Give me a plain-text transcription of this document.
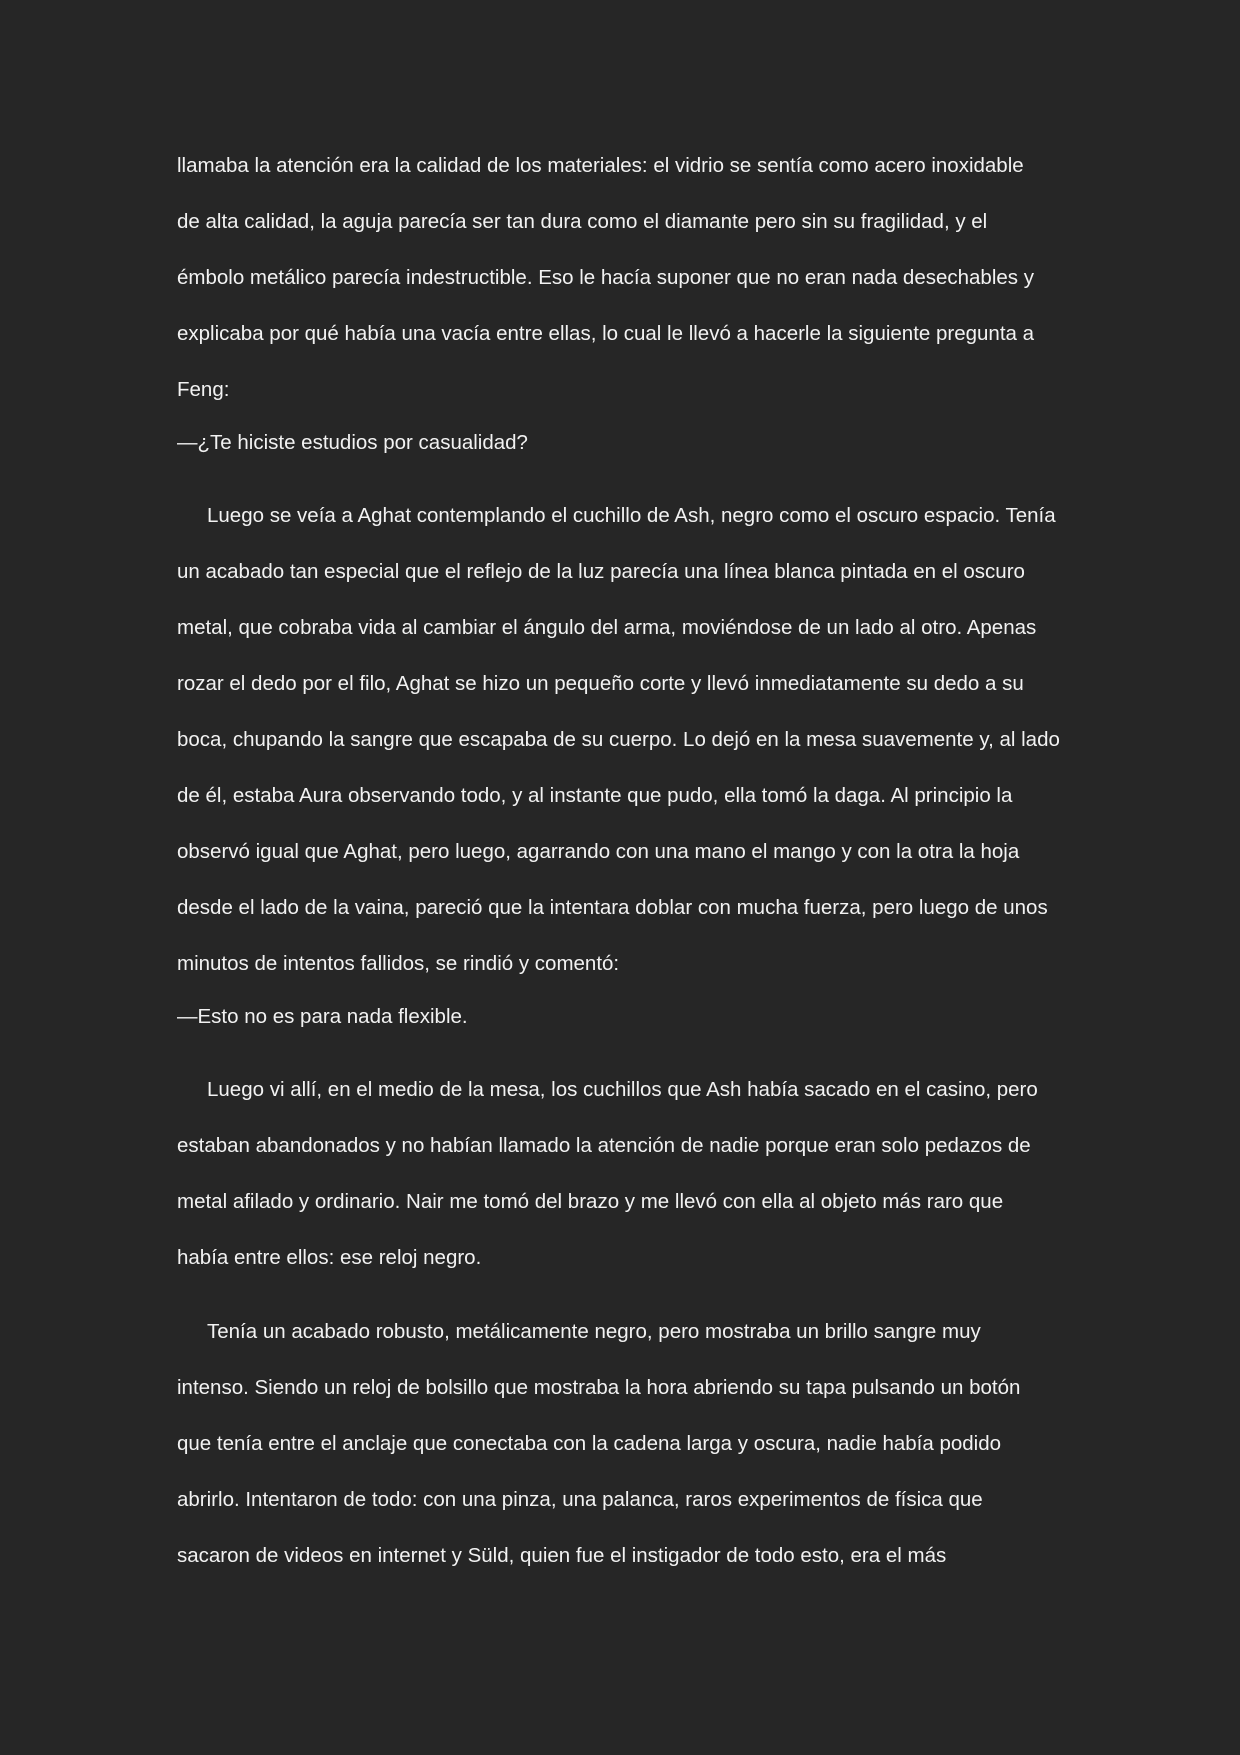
llamaba la atención era la calidad de los materiales: el vidrio se sentía como acero inoxidable
de alta calidad, la aguja parecía ser tan dura como el diamante pero sin su fragilidad, y el
émbolo metálico parecía indestructible. Eso le hacía suponer que no eran nada desechables y
explicaba por qué había una vacía entre ellas, lo cual le llevó a hacerle la siguiente pregunta a
Feng:

—¿Te hiciste estudios por casualidad?

Luego se veía a Aghat contemplando el cuchillo de Ash, negro como el oscuro espacio. Tenía
un acabado tan especial que el reflejo de la luz parecía una línea blanca pintada en el oscuro
metal, que cobraba vida al cambiar el ángulo del arma, moviéndose de un lado al otro. Apenas
rozar el dedo por el filo, Aghat se hizo un pequeño corte y llevó inmediatamente su dedo a su
boca, chupando la sangre que escapaba de su cuerpo. Lo dejó en la mesa suavemente y, al lado
de él, estaba Aura observando todo, y al instante que pudo, ella tomó la daga. Al principio la
observó igual que Aghat, pero luego, agarrando con una mano el mango y con la otra la hoja
desde el lado de la vaina, pareció que la intentara doblar con mucha fuerza, pero luego de unos
minutos de intentos fallidos, se rindió y comentó:

—Esto no es para nada flexible.

Luego vi allí, en el medio de la mesa, los cuchillos que Ash había sacado en el casino, pero
estaban abandonados y no habían llamado la atención de nadie porque eran solo pedazos de
metal afilado y ordinario. Nair me tomó del brazo y me llevó con ella al objeto más raro que
había entre ellos: ese reloj negro.

Tenía un acabado robusto, metálicamente negro, pero mostraba un brillo sangre muy
intenso. Siendo un reloj de bolsillo que mostraba la hora abriendo su tapa pulsando un botón
que tenía entre el anclaje que conectaba con la cadena larga y oscura, nadie había podido
abrirlo. Intentaron de todo: con una pinza, una palanca, raros experimentos de física que
sacaron de videos en internet y Süld, quien fue el instigador de todo esto, era el más
